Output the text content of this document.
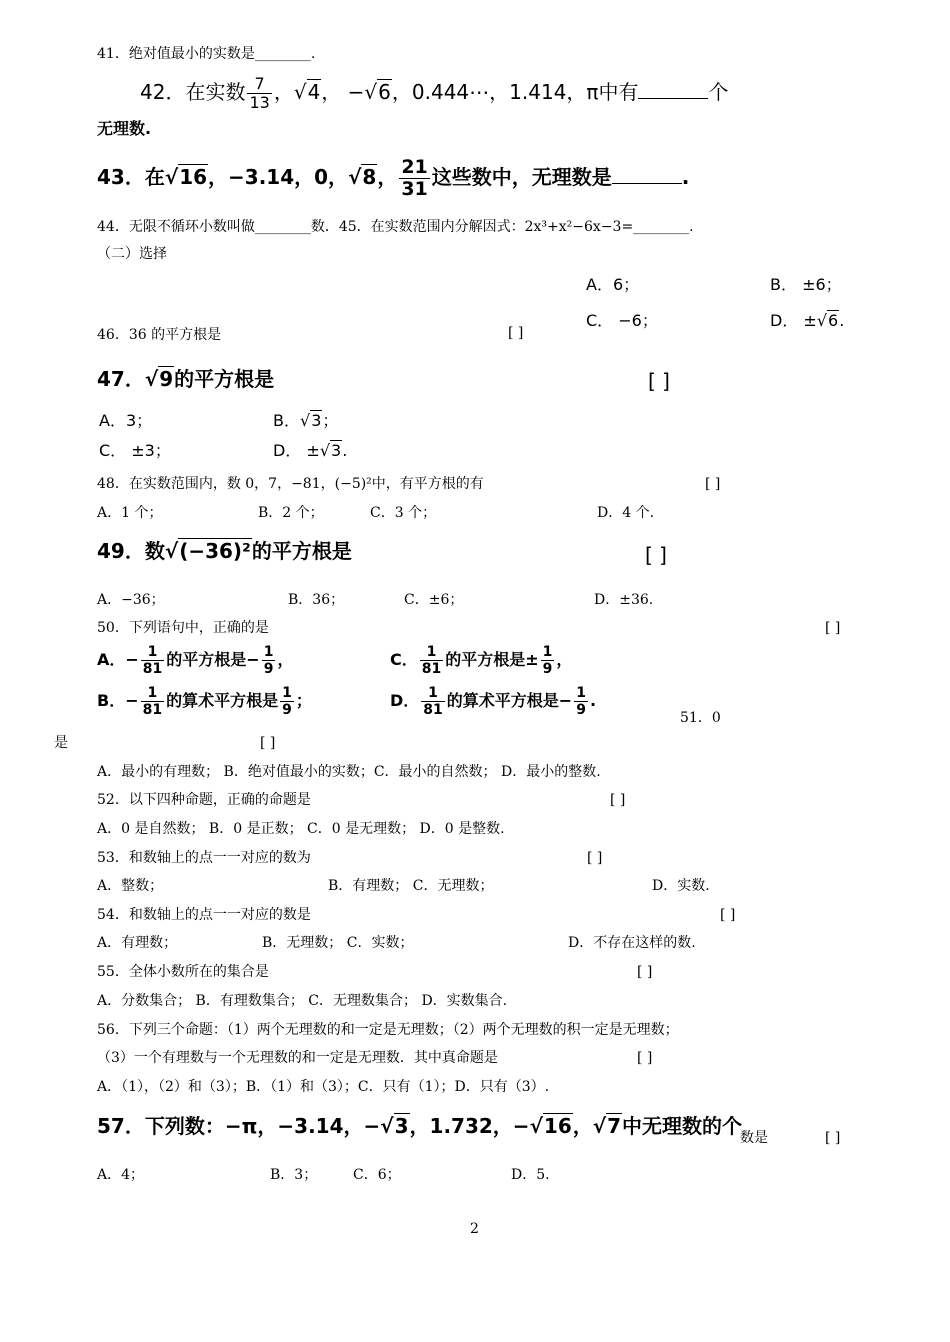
41．绝对值最小的实数是________.
42．在实数 $\frac{7}{13}$ ，√4， −√6，0.444⋯，1.414，π中有	个
无理数.
43．在√16，−3.14，0，√8， $\frac{21}{31}$ 这些数中，无理数是	.
44．无限不循环小数叫做________数．45．在实数范围内分解因式：2x³+x²−6x−3=________.
（二）选择
A．6；	B． ±6；
C． −6；	D． ±√6.
46．36 的平方根是	[ ]
47．√9的平方根是	[ ]
A．3；	B．√3；
C． ±3；	D． ±√3.
48．在实数范围内，数 0，7，−81，(−5)²中，有平方根的有	[ ]
A．1 个；	B．2 个；	C．3 个；	D．4 个.
49．数√(−36)²的平方根是	[ ]
A．−36；	B．36；	C．±6；	D．±36.
50．下列语句中，正确的是	[ ]
A．− $\frac{1}{81}$ 的平方根是− $\frac{1}{9}$ ，	C． $\frac{1}{81}$ 的平方根是± $\frac{1}{9}$ ，
B．− $\frac{1}{81}$ 的算术平方根是 $\frac{1}{9}$ ；	D． $\frac{1}{81}$ 的算术平方根是− $\frac{1}{9}$ .
51．0
是	[ ]
A．最小的有理数； B．绝对值最小的实数；C．最小的自然数； D．最小的整数.
52．以下四种命题，正确的命题是	[ ]
A．0 是自然数； B．0 是正数； C．0 是无理数； D．0 是整数.
53．和数轴上的点一一对应的数为	[ ]
A．整数；	B．有理数； C．无理数；	D．实数.
54．和数轴上的点一一对应的数是	[ ]
A．有理数；	B．无理数； C．实数；	D．不存在这样的数.
55．全体小数所在的集合是	[ ]
A．分数集合； B．有理数集合； C．无理数集合； D．实数集合.
56．下列三个命题：（1）两个无理数的和一定是无理数；（2）两个无理数的积一定是无理数；
（3）一个有理数与一个无理数的和一定是无理数．其中真命题是	[ ]
A．（1），（2）和（3）；B．（1）和（3）；C．只有（1）；D．只有（3）.
57．下列数：−π，−3.14，−√3，1.732，−√16，√7中无理数的个
数是	[ ]
A．4；	B．3；	C．6；	D．5.
2
